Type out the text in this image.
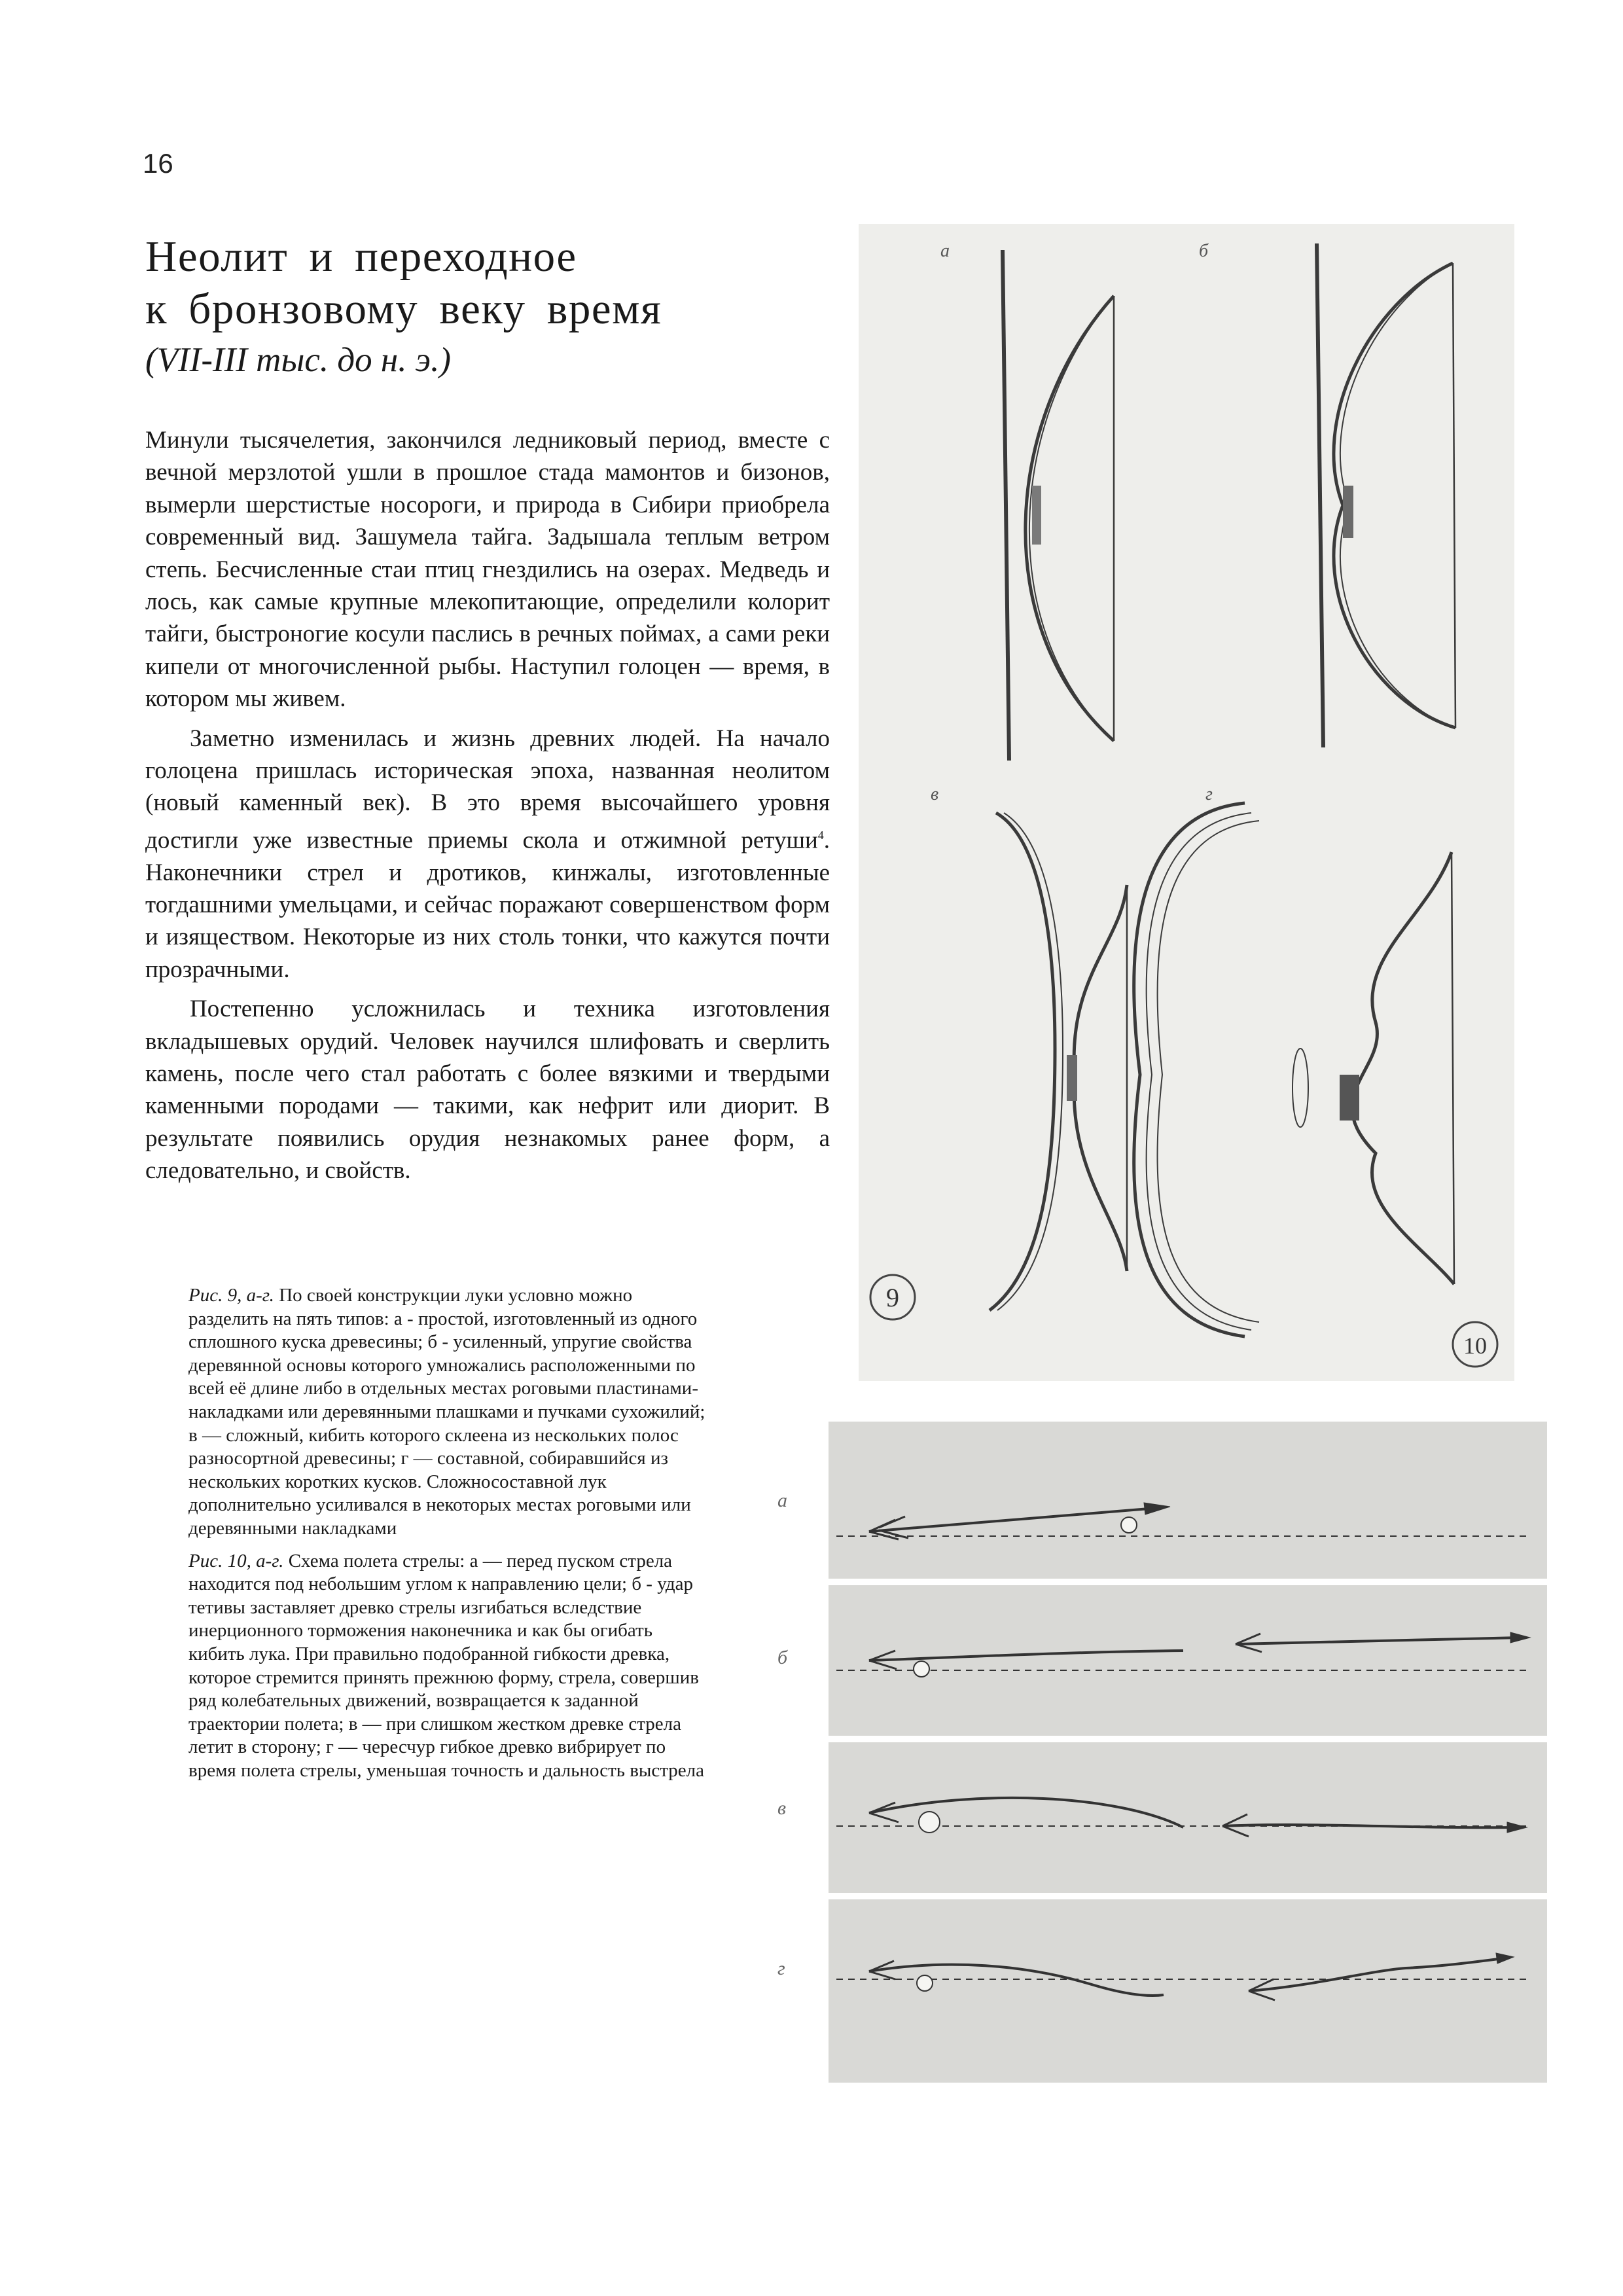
16
Неолит и переходное
к бронзовому веку время
(VII-III тыс. до н. э.)

Минули тысячелетия, закончился ледниковый период, вместе с вечной мерзлотой ушли в прошлое стада мамонтов и бизонов, вымерли шерстистые носороги, и природа в Сибири приобрела современный вид. Зашумела тайга. Задышала теплым ветром степь. Бесчисленные стаи птиц гнездились на озерах. Медведь и лось, как самые крупные млекопитающие, определили колорит тайги, быстроногие косули паслись в речных поймах, а сами реки кипели от многочисленной рыбы. Наступил голоцен — время, в котором мы живем.

Заметно изменилась и жизнь древних людей. На начало голоцена пришлась историческая эпоха, названная неолитом (новый каменный век). В это время высочайшего уровня достигли уже известные приемы скола и отжимной ретуши$^4$. Наконечники стрел и дротиков, кинжалы, изготовленные тогдашними умельцами, и сейчас поражают совершенством форм и изяществом. Некоторые из них столь тонки, что кажутся почти прозрачными.

Постепенно усложнилась и техника изготовления вкладышевых орудий. Человек научился шлифовать и сверлить камень, после чего стал работать с более вязкими и твердыми каменными породами — такими, как нефрит или диорит. В результате появились орудия незнакомых ранее форм, а следовательно, и свойств.

Рис. 9, а-г. По своей конструкции луки условно можно разделить на пять типов: а - простой, изготовленный из одного сплошного куска древесины; б - усиленный, упругие свойства деревянной основы которого умножались расположенными по всей её длине либо в отдельных местах роговыми пластинами-накладками или деревянными плашками и пучками сухожилий; в — сложный, кибить которого склеена из нескольких полос разносортной древесины; г — составной, собиравшийся из нескольких коротких кусков. Сложносоставной лук дополнительно усиливался в некоторых местах роговыми или деревянными накладками

Рис. 10, а-г. Схема полета стрелы: а — перед пуском стрела находится под небольшим углом к направлению цели; б - удар тетивы заставляет древко стрелы изгибаться вследствие инерционного торможения наконечника и как бы огибать кибить лука. При правильно подобранной гибкости древка, которое стремится принять прежнюю форму, стрела, совершив ряд колебательных движений, возвращается к заданной траектории полета; в — при слишком жестком древке стрела летит в сторону; г — чересчур гибкое древко вибрирует по время полета стрелы, уменьшая точность и дальность выстрела

а	б
в	г
9
10
а
б
в
г
